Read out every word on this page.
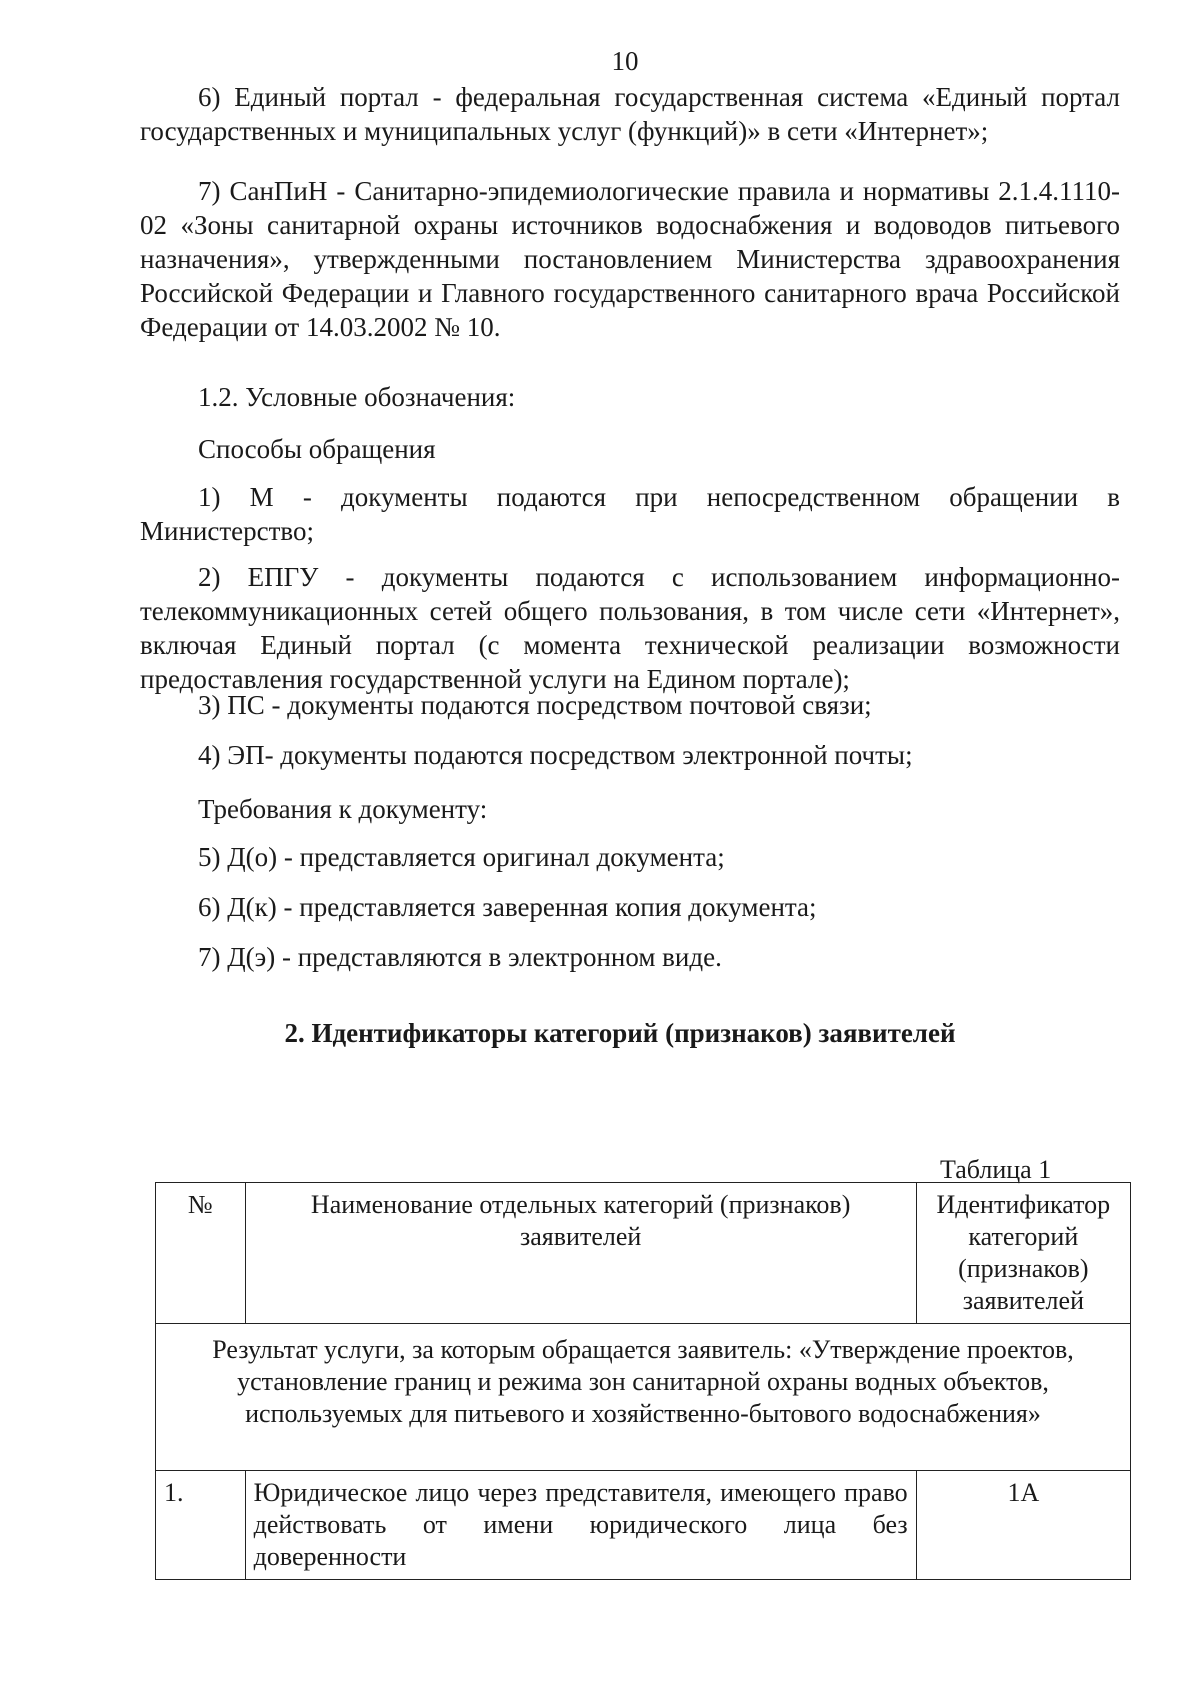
10
6) Единый портал - федеральная государственная система «Единый портал государственных и муниципальных услуг (функций)» в сети «Интернет»;
7) СанПиН - Санитарно-эпидемиологические правила и нормативы 2.1.4.1110-02 «Зоны санитарной охраны источников водоснабжения и водоводов питьевого назначения», утвержденными постановлением Министерства здравоохранения Российской Федерации и Главного государственного санитарного врача Российской Федерации от 14.03.2002 № 10.
1.2. Условные обозначения:
Способы обращения
1) М - документы подаются при непосредственном обращении в Министерство;
2) ЕПГУ - документы подаются с использованием информационно-телекоммуникационных сетей общего пользования, в том числе сети «Интернет», включая Единый портал (с момента технической реализации возможности предоставления государственной услуги на Едином портале);
3) ПС - документы подаются посредством почтовой связи;
4) ЭП- документы подаются посредством электронной почты;
Требования к документу:
5) Д(о) - представляется оригинал документа;
6) Д(к) - представляется заверенная копия документа;
7) Д(э) - представляются в электронном виде.
2. Идентификаторы категорий (признаков) заявителей
Таблица 1
№	Наименование отдельных категорий (признаков) заявителей	Идентификатор категорий (признаков) заявителей
Результат услуги, за которым обращается заявитель: «Утверждение проектов, установление границ и режима зон санитарной охраны водных объектов, используемых для питьевого и хозяйственно-бытового водоснабжения»		
1.	Юридическое лицо через представителя, имеющего право действовать от имени юридического лица без доверенности	1А
